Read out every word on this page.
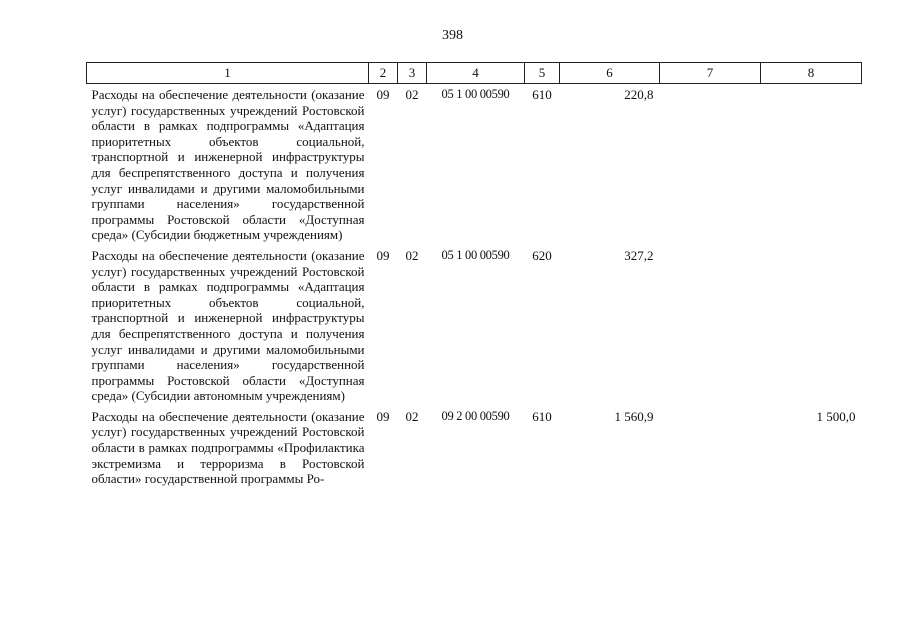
398
1	2	3	4	5	6	7	8
Расходы на обеспечение деятельности (оказание услуг) государственных учреждений Ростовской области в рамках подпрограммы «Адаптация приоритетных объектов социальной, транспортной и инженерной инфраструктуры для беспрепятственного доступа и получения услуг инвалидами и другими маломобильными группами населения» государственной программы Ростовской области «Доступная среда» (Субсидии бюджетным учреждениям)	09	02	05 1 00 00590	610	220,8		
Расходы на обеспечение деятельности (оказание услуг) государственных учреждений Ростовской области в рамках подпрограммы «Адаптация приоритетных объектов социальной, транспортной и инженерной инфраструктуры для беспрепятственного доступа и получения услуг инвалидами и другими маломобильными группами населения» государственной программы Ростовской области «Доступная среда» (Субсидии автономным учреждениям)	09	02	05 1 00 00590	620	327,2		
Расходы на обеспечение деятельности (оказание услуг) государственных учреждений Ростовской области в рамках подпрограммы «Профилактика экстремизма и терроризма в Ростовской области» государственной программы Ро-	09	02	09 2 00 00590	610	1 560,9		1 500,0
